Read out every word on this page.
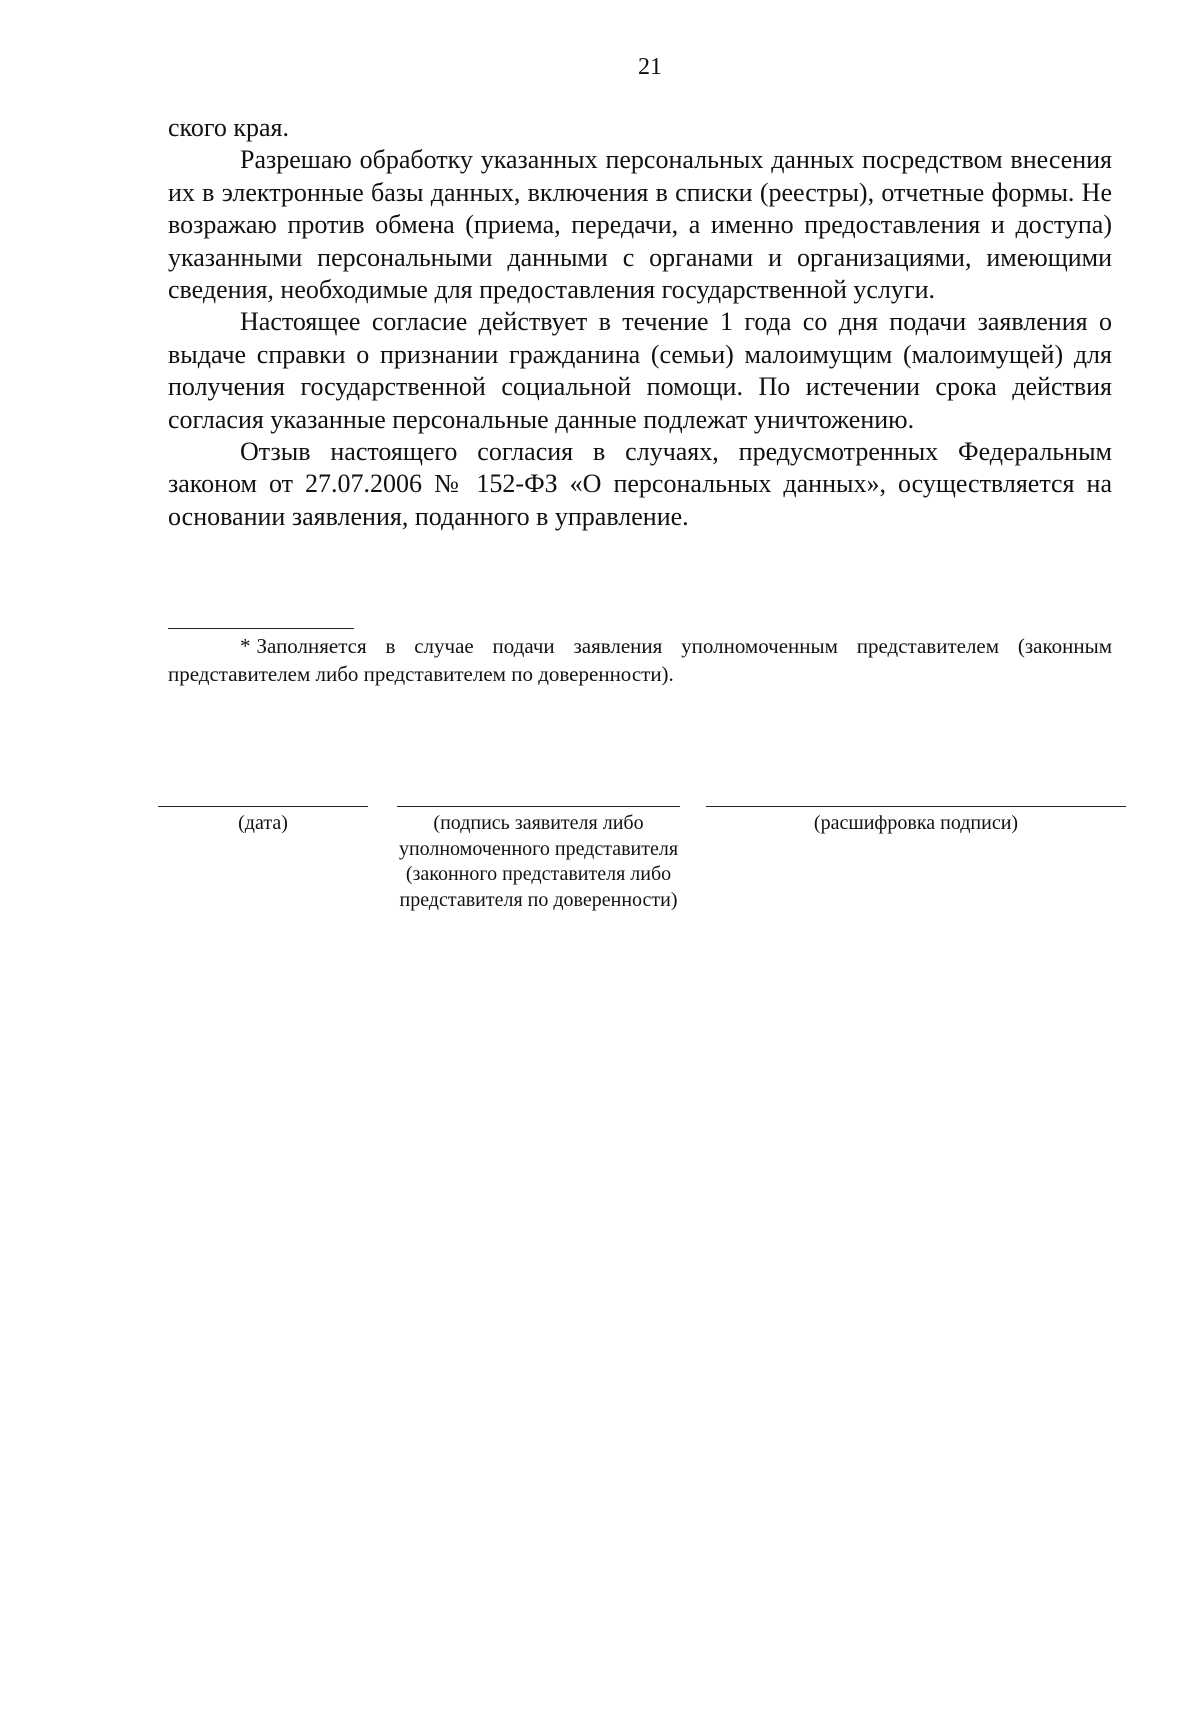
21

ского края.

Разрешаю обработку указанных персональных данных посредством внесения их в электронные базы данных, включения в списки (реестры), отчетные формы. Не возражаю против обмена (приема, передачи, а именно предоставления и доступа) указанными персональными данными с органами и организациями, имеющими сведения, необходимые для предоставления государственной услуги.

Настоящее согласие действует в течение 1 года со дня подачи заявления о выдаче справки о признании гражданина (семьи) малоимущим (малоимущей) для получения государственной социальной помощи. По истечении срока действия согласия указанные персональные данные подлежат уничтожению.

Отзыв настоящего согласия в случаях, предусмотренных Федеральным законом от 27.07.2006 № 152-ФЗ «О персональных данных», осуществляется на основании заявления, поданного в управление.

* Заполняется в случае подачи заявления уполномоченным представителем (законным представителем либо представителем по доверенности).
(дата)	(подпись заявителя либо уполномоченного представителя (законного представителя либо представителя по доверенности)
(расшифровка подписи)
